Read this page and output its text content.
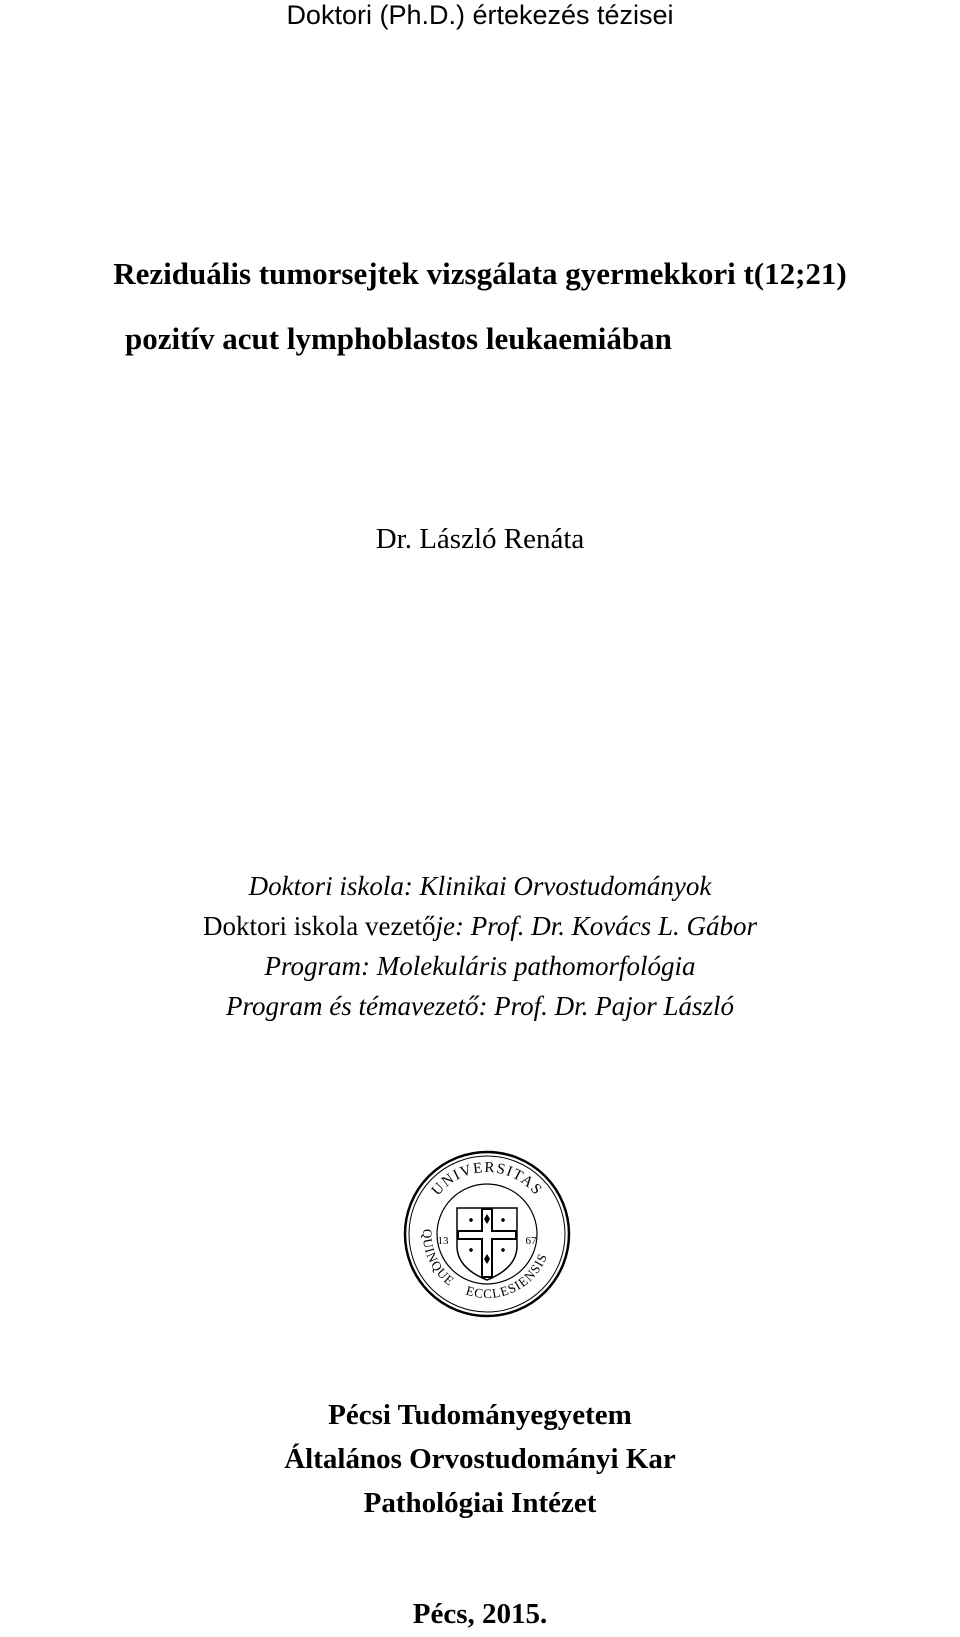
Doktori (Ph.D.) értekezés tézisei
Reziduális tumorsejtek vizsgálata gyermekkori t(12;21)
pozitív acut lymphoblastos leukaemiában
Dr. László Renáta
Doktori iskola: Klinikai Orvostudományok
Doktori iskola vezetője: Prof. Dr. Kovács L. Gábor
Program: Molekuláris pathomorfológia
Program és témavezető: Prof. Dr. Pajor László
UNIVERSITAS
QUINQUE
ECCLESIENSIS
13	67
Pécsi Tudományegyetem
Általános Orvostudományi Kar
Pathológiai Intézet
Pécs, 2015.
